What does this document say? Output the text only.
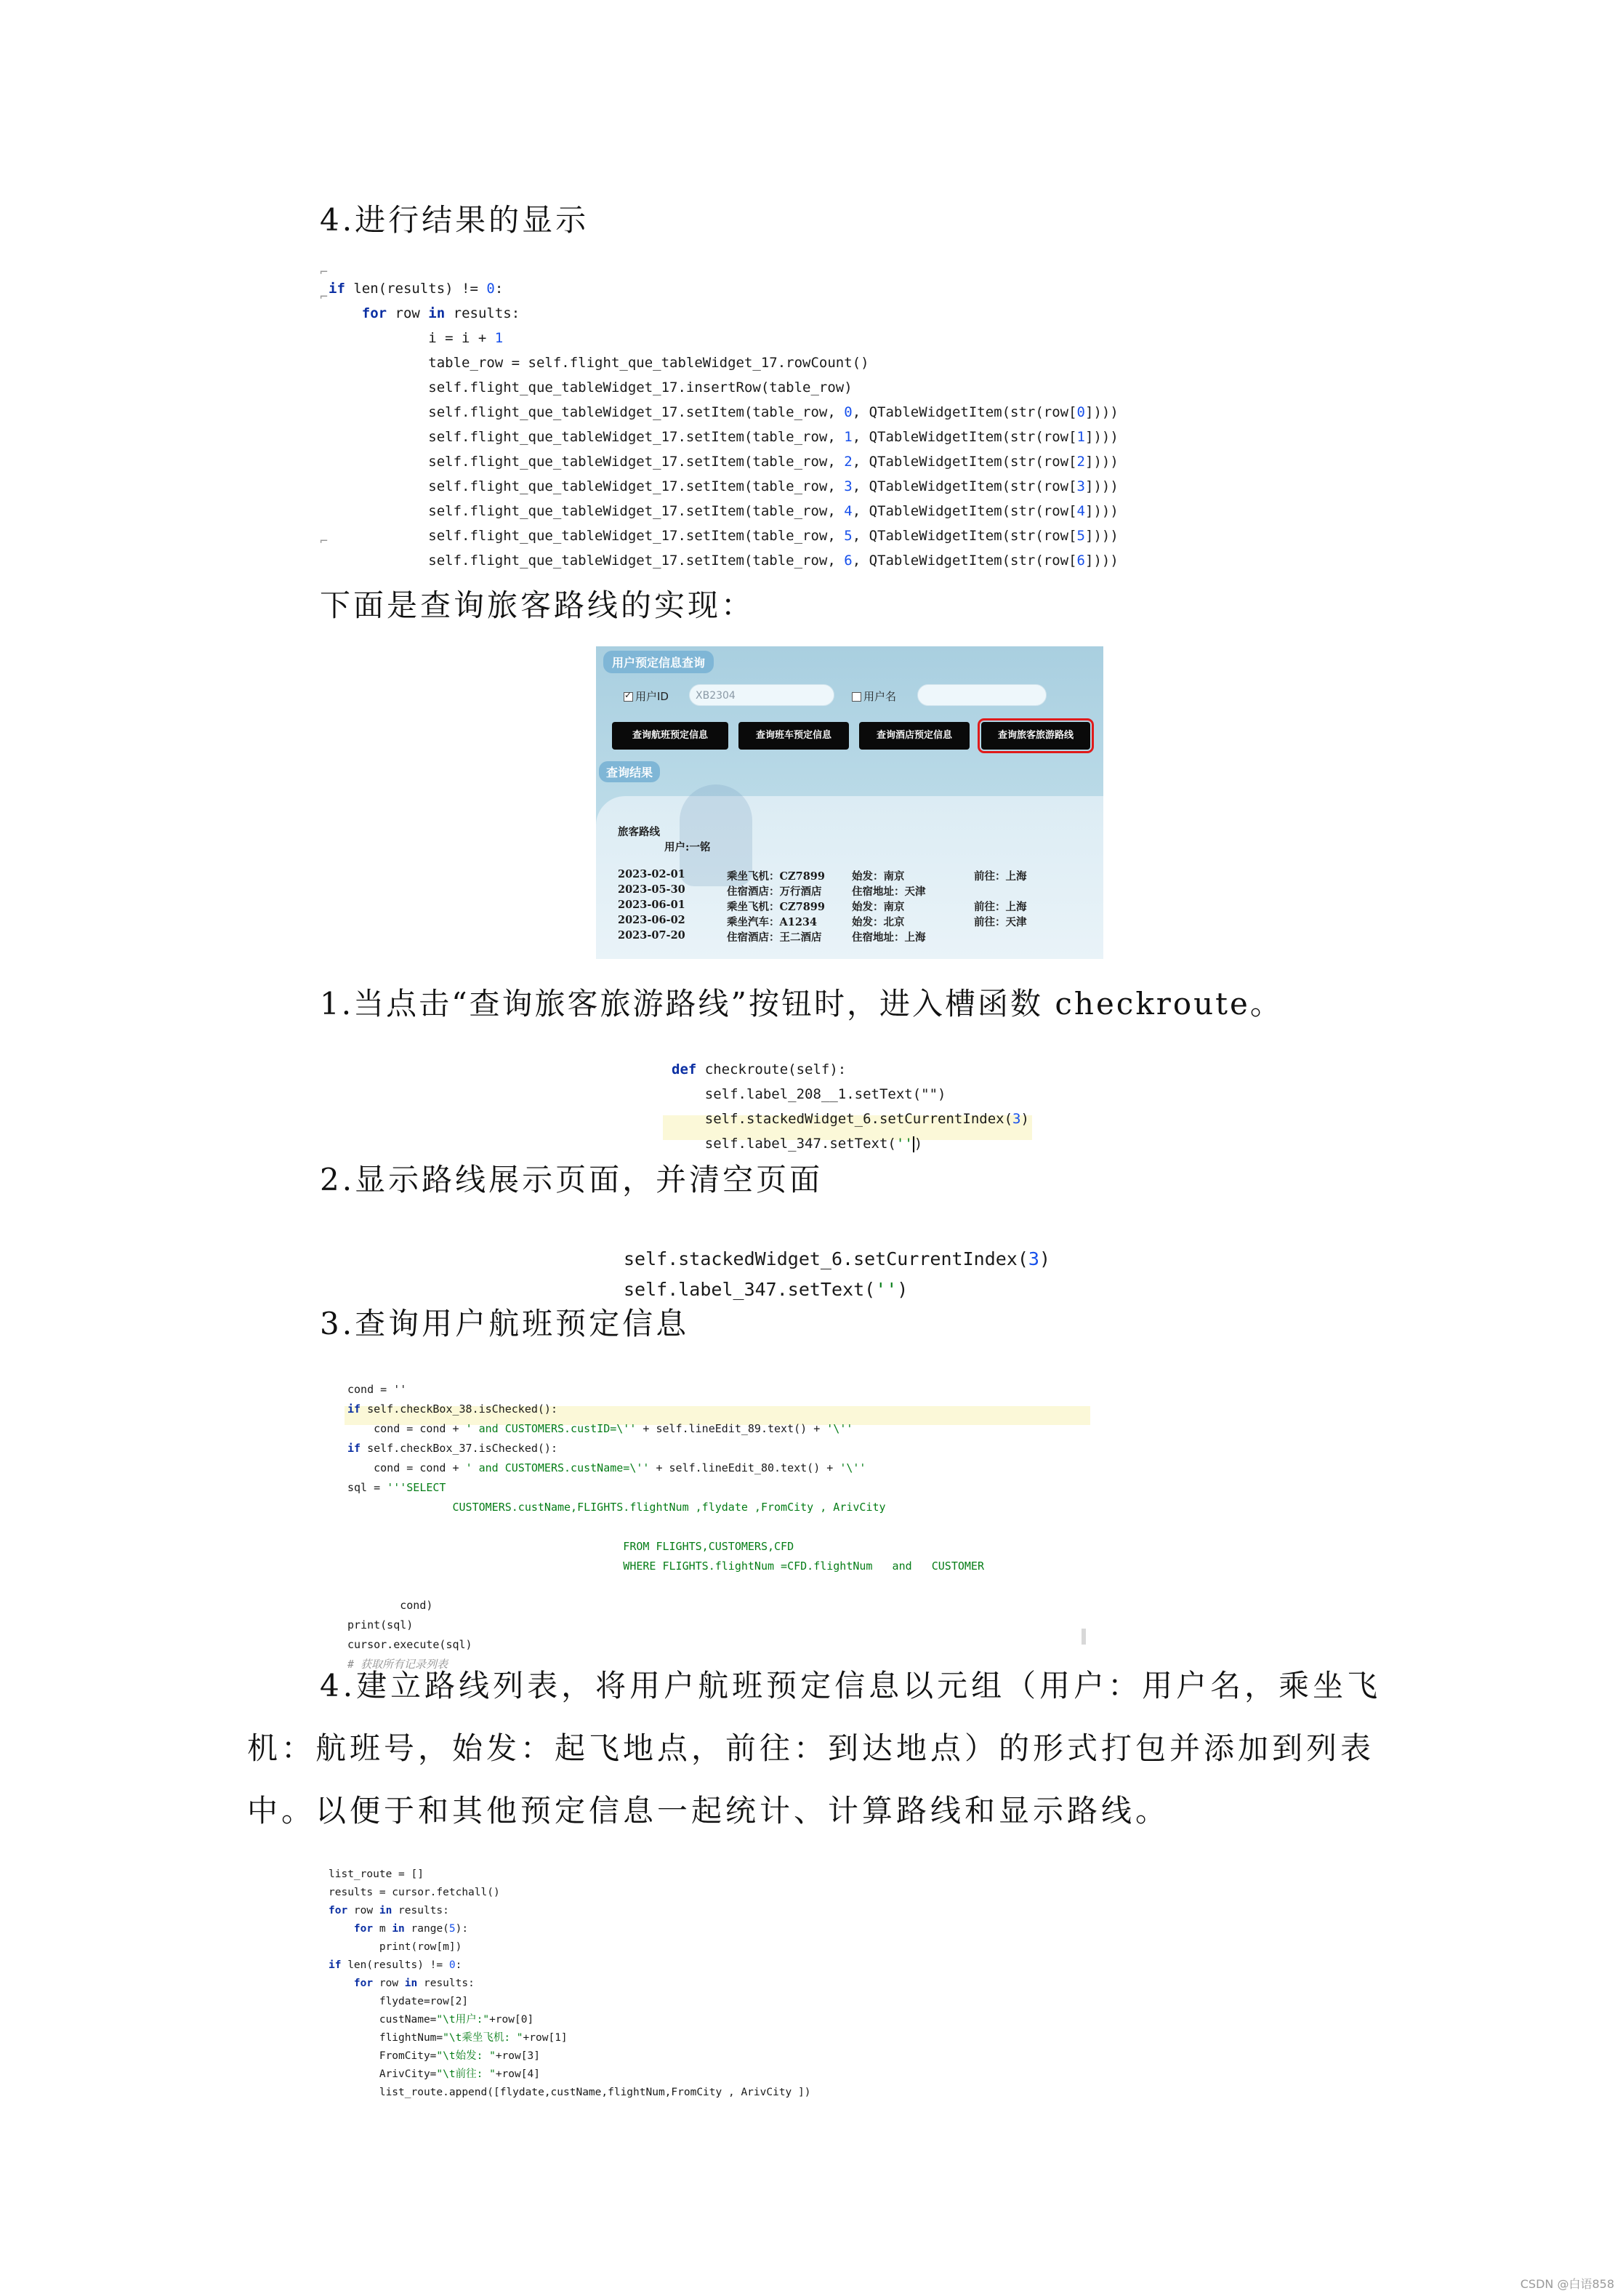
4.进行结果的显示
⌐
⌐
⌐

if len(results) != 0:
for row in results:
i = i + 1
table_row = self.flight_que_tableWidget_17.rowCount()
self.flight_que_tableWidget_17.insertRow(table_row)
self.flight_que_tableWidget_17.setItem(table_row, 0, QTableWidgetItem(str(row[0])))
self.flight_que_tableWidget_17.setItem(table_row, 1, QTableWidgetItem(str(row[1])))
self.flight_que_tableWidget_17.setItem(table_row, 2, QTableWidgetItem(str(row[2])))
self.flight_que_tableWidget_17.setItem(table_row, 3, QTableWidgetItem(str(row[3])))
self.flight_que_tableWidget_17.setItem(table_row, 4, QTableWidgetItem(str(row[4])))
self.flight_que_tableWidget_17.setItem(table_row, 5, QTableWidgetItem(str(row[5])))
self.flight_que_tableWidget_17.setItem(table_row, 6, QTableWidgetItem(str(row[6])))

下面是查询旅客路线的实现：
用户预定信息查询
✓用户ID	XB2304	用户名
查询航班预定信息	查询班车预定信息	查询酒店预定信息	查询旅客旅游路线
查询结果
旅客路线
用户:一铭
2023-02-01	乘坐飞机：CZ7899	始发：南京	前往：上海
2023-05-30	住宿酒店：万行酒店	住宿地址：天津
2023-06-01	乘坐飞机：CZ7899	始发：南京	前往：上海
2023-06-02	乘坐汽车：A1234	始发：北京	前往：天津
2023-07-20	住宿酒店：王二酒店	住宿地址：上海
1.当点击“查询旅客旅游路线”按钮时，进入槽函数 checkroute。

def checkroute(self):
self.label_208__1.setText("")
self.stackedWidget_6.setCurrentIndex(3)
self.label_347.setText('' )

2.显示路线展示页面，并清空页面

self.stackedWidget_6.setCurrentIndex(3)
self.label_347.setText('')

3.查询用户航班预定信息

cond = ''
if self.checkBox_38.isChecked():
cond = cond + ' and CUSTOMERS.custID=\'' + self.lineEdit_89.text() + '\''
if self.checkBox_37.isChecked():
cond = cond + ' and CUSTOMERS.custName=\'' + self.lineEdit_80.text() + '\''
sql = '''SELECT
CUSTOMERS.custName,FLIGHTS.flightNum ,flydate ,FromCity , ArivCity

FROM FLIGHTS,CUSTOMERS,CFD
WHERE FLIGHTS.flightNum =CFD.flightNum   and   CUSTOMER

cond)
print(sql)
cursor.execute(sql)
# 获取所有记录列表

4.建立路线列表，将用户航班预定信息以元组（用户：用户名，乘坐飞
机：航班号，始发：起飞地点，前往：到达地点）的形式打包并添加到列表
中。以便于和其他预定信息一起统计、计算路线和显示路线。

list_route = []
results = cursor.fetchall()
for row in results:
for m in range(5):
print(row[m])
if len(results) != 0:
for row in results:
flydate=row[2]
custName="\t用户:"+row[0]
flightNum="\t乘坐飞机: "+row[1]
FromCity="\t始发: "+row[3]
ArivCity="\t前往: "+row[4]
list_route.append([flydate,custName,flightNum,FromCity , ArivCity ])

CSDN @白语858
